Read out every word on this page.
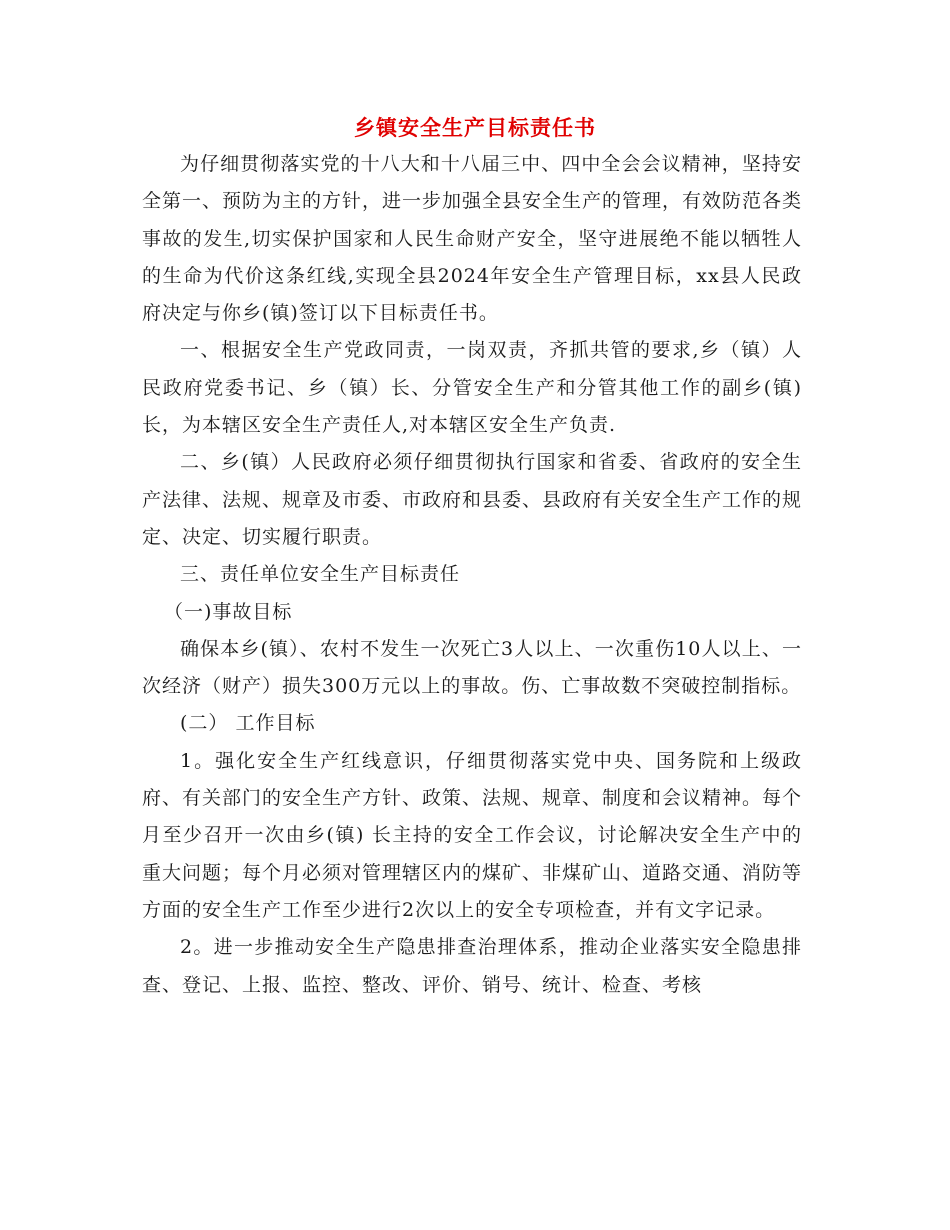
乡镇安全生产目标责任书

为仔细贯彻落实党的十八大和十八届三中、四中全会会议精神，坚持安全第一、预防为主的方针，进一步加强全县安全生产的管理，有效防范各类事故的发生,切实保护国家和人民生命财产安全，坚守进展绝不能以牺牲人的生命为代价这条红线,实现全县2024年安全生产管理目标，xx县人民政府决定与你乡(镇)签订以下目标责任书。

一、根据安全生产党政同责，一岗双责，齐抓共管的要求,乡（镇）人民政府党委书记、乡（镇）长、分管安全生产和分管其他工作的副乡(镇)长，为本辖区安全生产责任人,对本辖区安全生产负责.

二、乡(镇）人民政府必须仔细贯彻执行国家和省委、省政府的安全生产法律、法规、规章及市委、市政府和县委、县政府有关安全生产工作的规定、决定、切实履行职责。

三、责任单位安全生产目标责任

（一)事故目标

确保本乡(镇）、农村不发生一次死亡3人以上、一次重伤10人以上、一次经济（财产）损失300万元以上的事故。伤、亡事故数不突破控制指标。

(二） 工作目标

1。强化安全生产红线意识，仔细贯彻落实党中央、国务院和上级政府、有关部门的安全生产方针、政策、法规、规章、制度和会议精神。每个月至少召开一次由乡(镇) 长主持的安全工作会议，讨论解决安全生产中的重大问题；每个月必须对管理辖区内的煤矿、非煤矿山、道路交通、消防等方面的安全生产工作至少进行2次以上的安全专项检查，并有文字记录。

2。进一步推动安全生产隐患排查治理体系，推动企业落实安全隐患排查、登记、上报、监控、整改、评价、销号、统计、检查、考核
